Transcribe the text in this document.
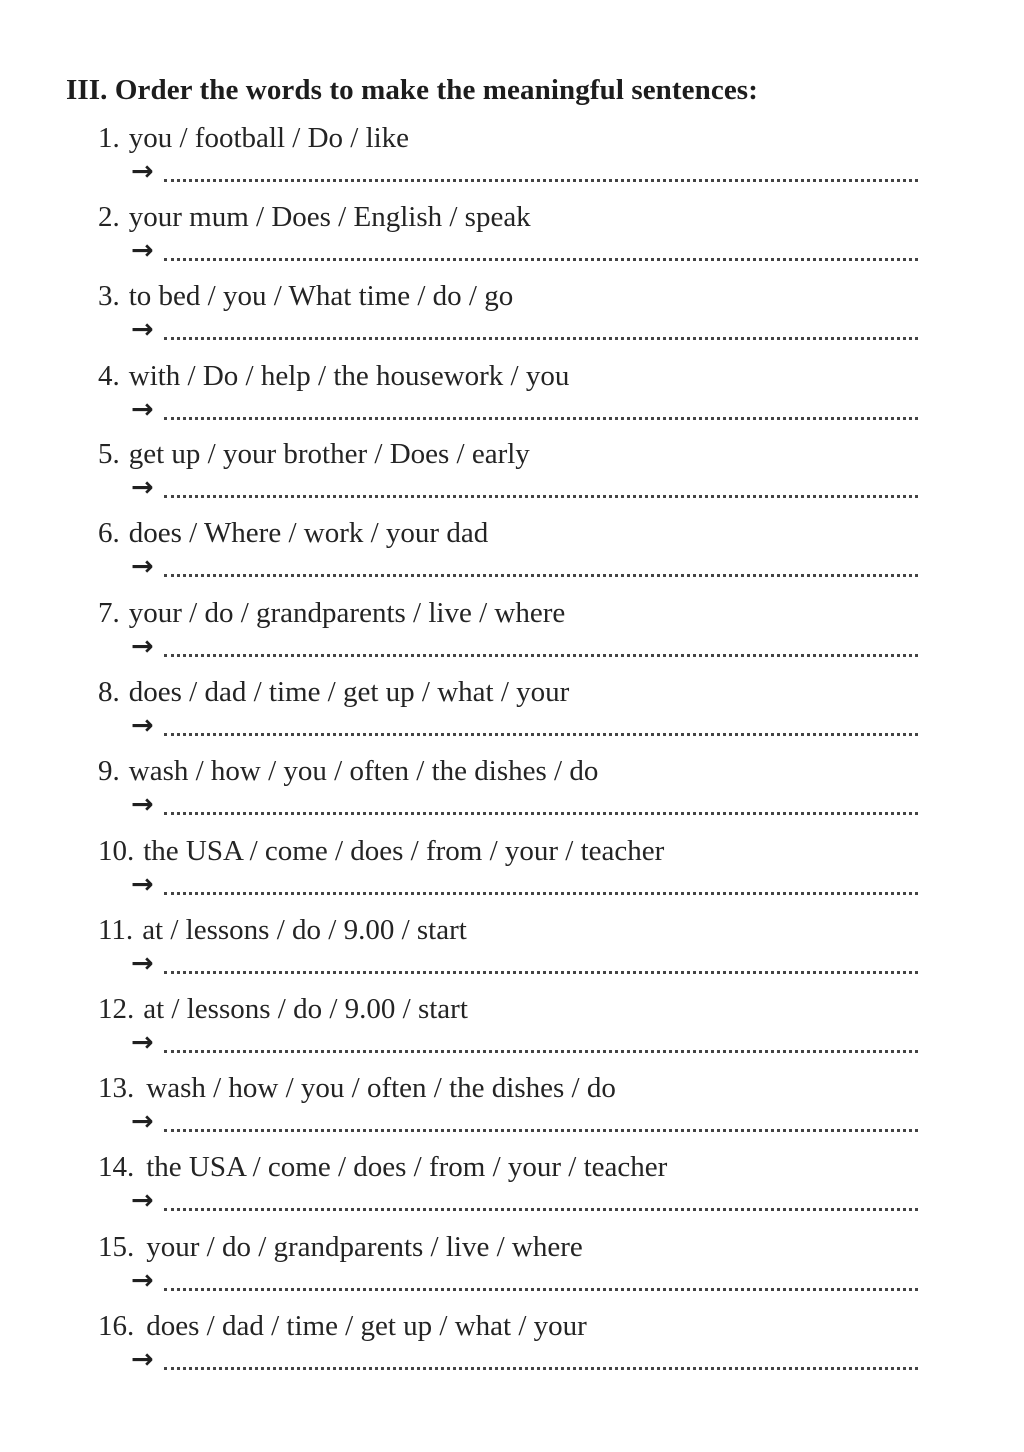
III. Order the words to make the meaningful sentences:
1. you / football / Do / like
→
2. your mum / Does / English / speak
→
3. to bed / you / What time / do / go
→
4. with / Do / help / the housework / you
→
5. get up / your brother / Does / early
→
6. does / Where / work / your dad
→
7. your / do / grandparents / live / where
→
8. does / dad / time / get up / what / your
→
9. wash / how / you / often / the dishes / do
→
10. the USA / come / does / from / your / teacher
→
11. at / lessons / do / 9.00 / start
→
12. at / lessons / do / 9.00 / start
→
13. wash / how / you / often / the dishes / do
→
14. the USA / come / does / from / your / teacher
→
15. your / do / grandparents / live / where
→
16. does / dad / time / get up / what / your
→
